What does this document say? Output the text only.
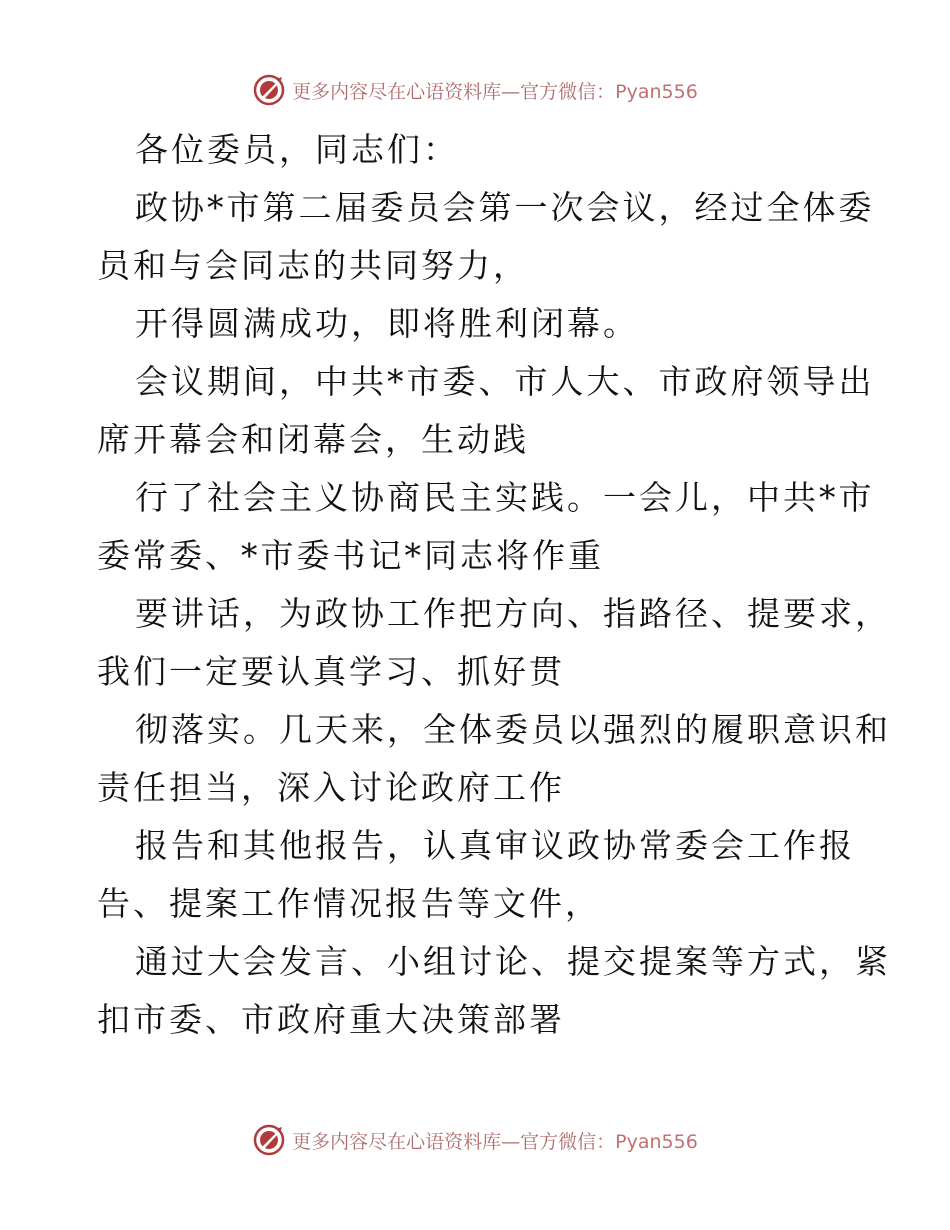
更多内容尽在心语资料库—官方微信：Pyan556
各位委员，同志们：
政协*市第二届委员会第一次会议，经过全体委
员和与会同志的共同努力，
开得圆满成功，即将胜利闭幕。
会议期间，中共*市委、市人大、市政府领导出
席开幕会和闭幕会，生动践
行了社会主义协商民主实践。一会儿，中共*市
委常委、*市委书记*同志将作重
要讲话，为政协工作把方向、指路径、提要求，
我们一定要认真学习、抓好贯
彻落实。几天来，全体委员以强烈的履职意识和
责任担当，深入讨论政府工作
报告和其他报告，认真审议政协常委会工作报
告、提案工作情况报告等文件，
通过大会发言、小组讨论、提交提案等方式，紧
扣市委、市政府重大决策部署
更多内容尽在心语资料库—官方微信：Pyan556
